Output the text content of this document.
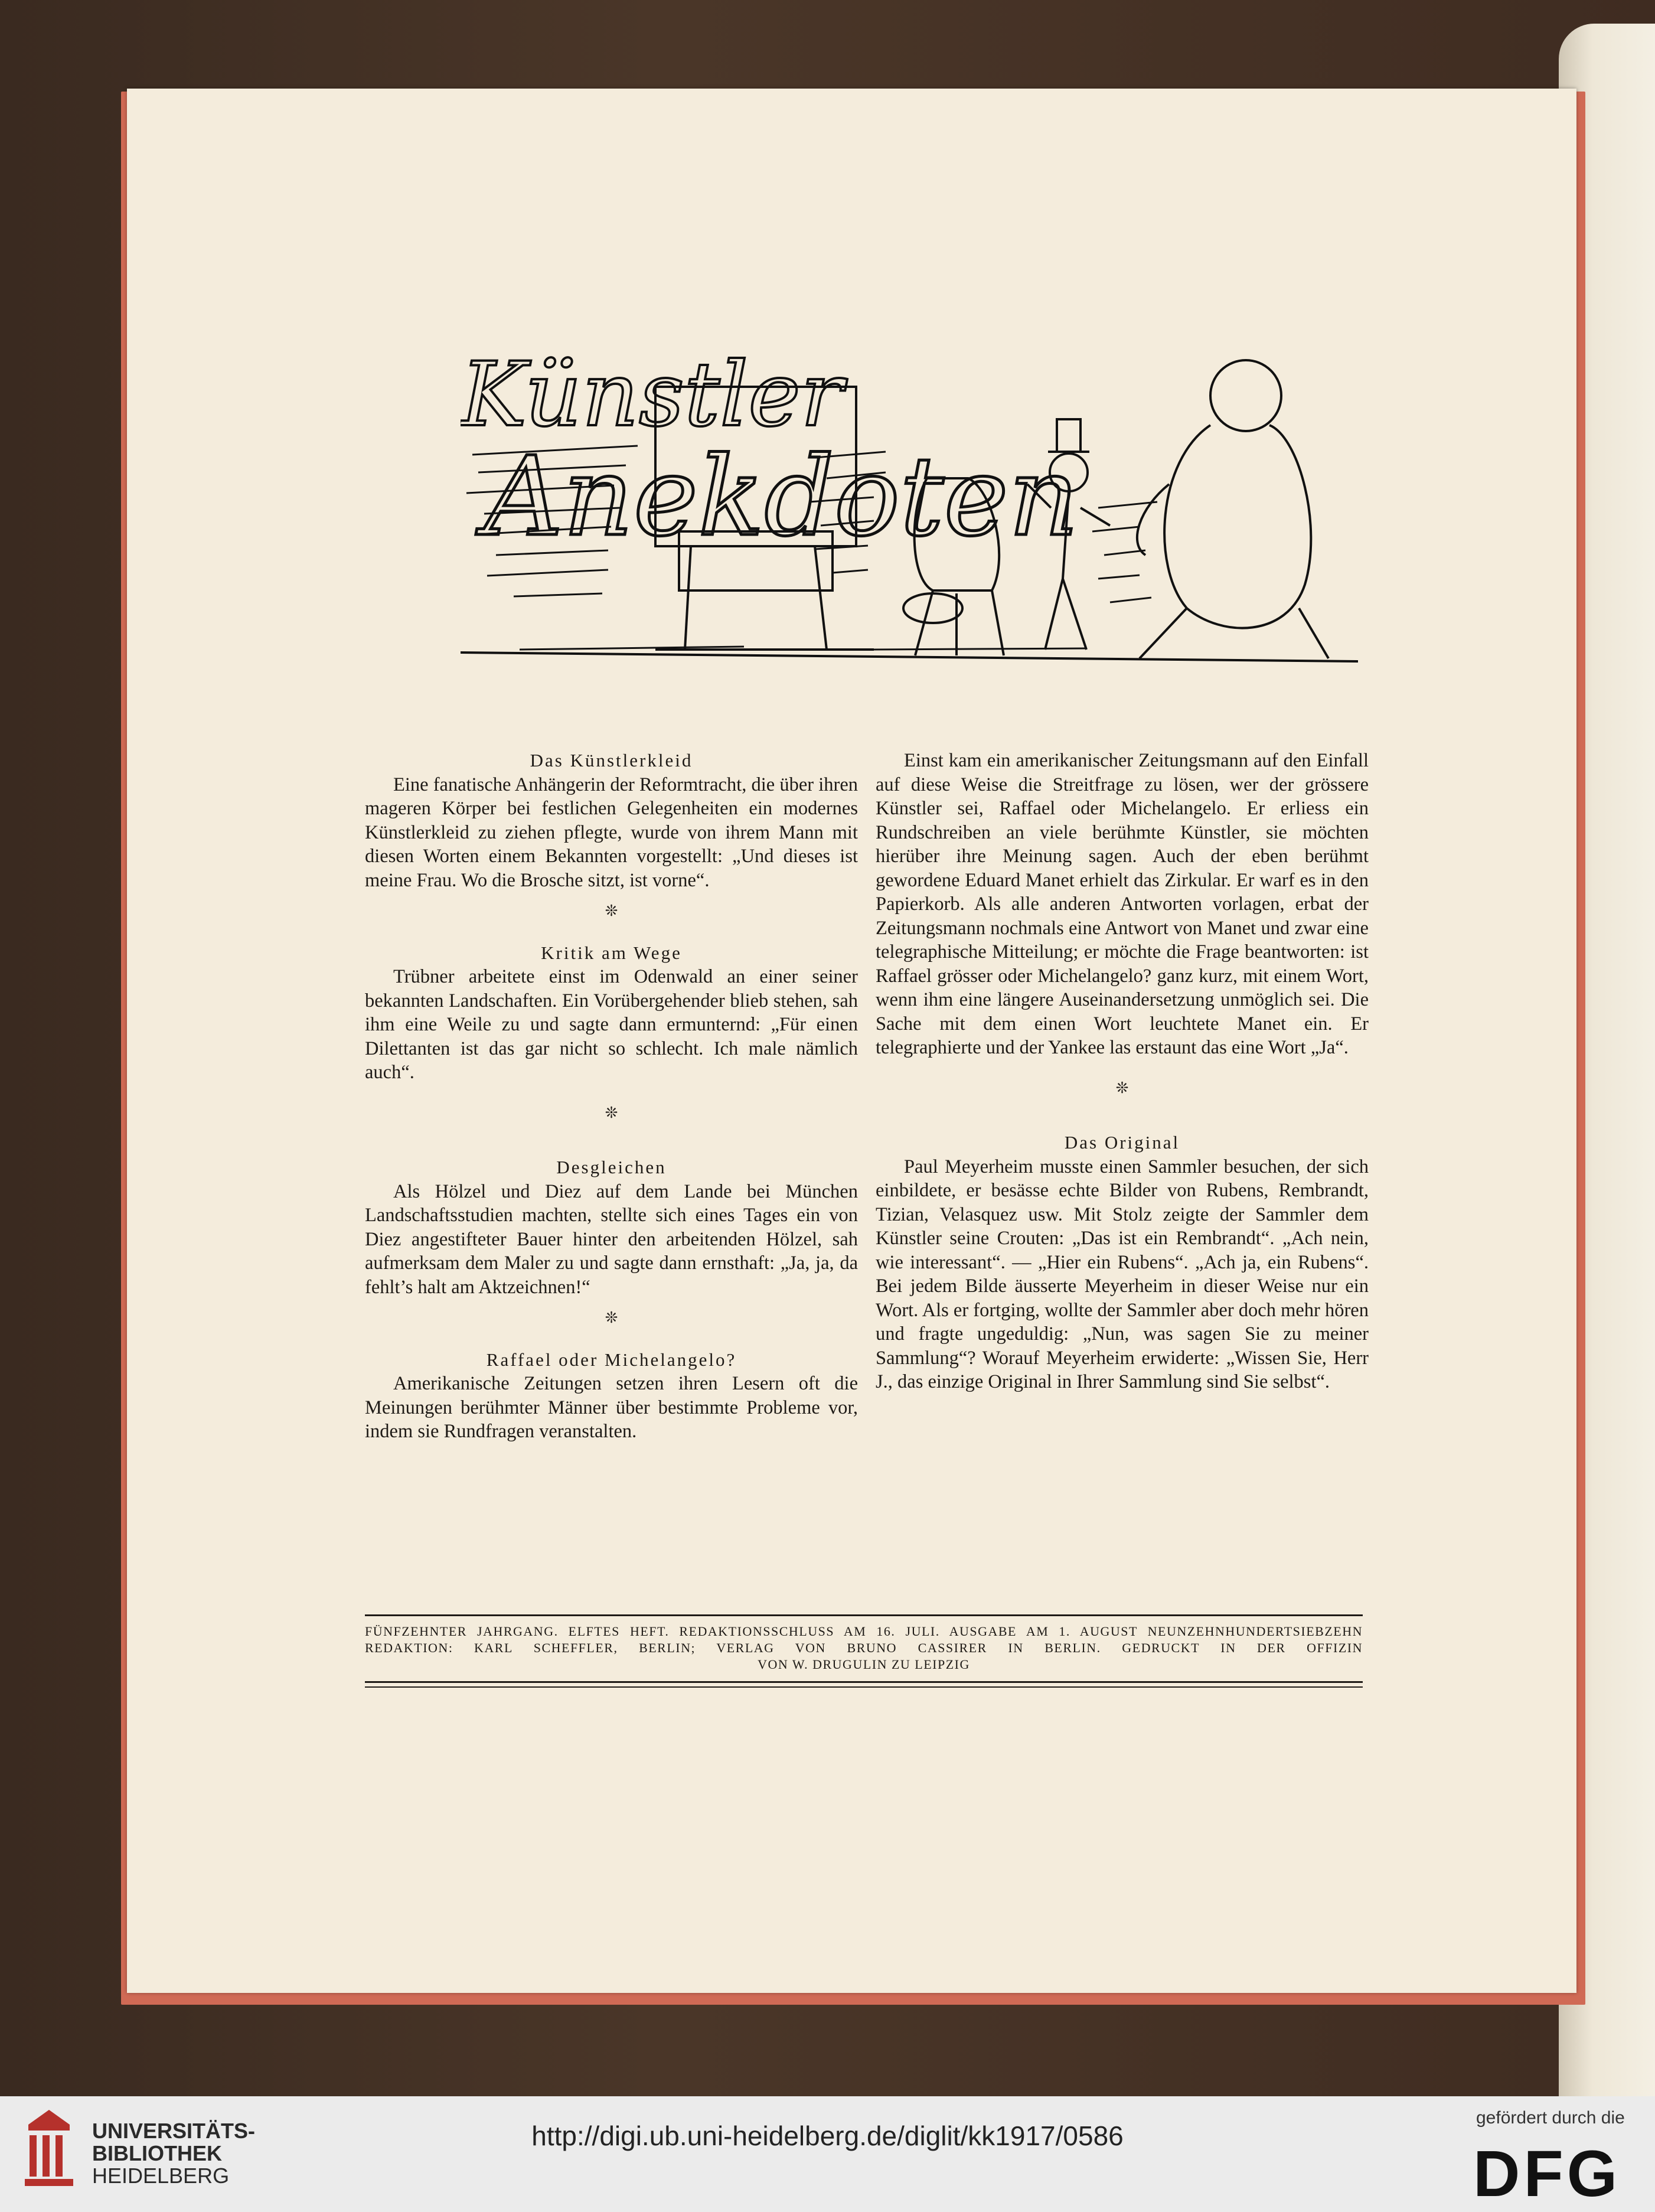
Künstler
Anekdoten

Das Künstlerkleid

Eine fanatische Anhängerin der Reformtracht, die über ihren mageren Körper bei festlichen Gelegenheiten ein modernes Künstlerkleid zu ziehen pflegte, wurde von ihrem Mann mit diesen Worten einem Bekannten vorgestellt: „Und dieses ist meine Frau. Wo die Brosche sitzt, ist vorne“.

❊

Kritik am Wege

Trübner arbeitete einst im Odenwald an einer seiner bekannten Landschaften. Ein Vorübergehender blieb stehen, sah ihm eine Weile zu und sagte dann ermunternd: „Für einen Dilettanten ist das gar nicht so schlecht. Ich male nämlich auch“.

❊

Desgleichen

Als Hölzel und Diez auf dem Lande bei München Landschaftsstudien machten, stellte sich eines Tages ein von Diez angestifteter Bauer hinter den arbeitenden Hölzel, sah aufmerksam dem Maler zu und sagte dann ernsthaft: „Ja, ja, da fehlt’s halt am Aktzeichnen!“

❊

Raffael oder Michelangelo?

Amerikanische Zeitungen setzen ihren Lesern oft die Meinungen berühmter Männer über bestimmte Probleme vor, indem sie Rundfragen veranstalten.

Einst kam ein amerikanischer Zeitungsmann auf den Einfall auf diese Weise die Streitfrage zu lösen, wer der grössere Künstler sei, Raffael oder Michelangelo. Er erliess ein Rundschreiben an viele berühmte Künstler, sie möchten hierüber ihre Meinung sagen. Auch der eben berühmt gewordene Eduard Manet erhielt das Zirkular. Er warf es in den Papierkorb. Als alle anderen Antworten vorlagen, erbat der Zeitungsmann nochmals eine Antwort von Manet und zwar eine telegraphische Mitteilung; er möchte die Frage beantworten: ist Raffael grösser oder Michelangelo? ganz kurz, mit einem Wort, wenn ihm eine längere Auseinandersetzung unmöglich sei. Die Sache mit dem einen Wort leuchtete Manet ein. Er telegraphierte und der Yankee las erstaunt das eine Wort „Ja“.

❊

Das Original

Paul Meyerheim musste einen Sammler besuchen, der sich einbildete, er besässe echte Bilder von Rubens, Rembrandt, Tizian, Velasquez usw. Mit Stolz zeigte der Sammler dem Künstler seine Crouten: „Das ist ein Rembrandt“. „Ach nein, wie interessant“. — „Hier ein Rubens“. „Ach ja, ein Rubens“. Bei jedem Bilde äusserte Meyerheim in dieser Weise nur ein Wort. Als er fortging, wollte der Sammler aber doch mehr hören und fragte ungeduldig: „Nun, was sagen Sie zu meiner Sammlung“? Worauf Meyerheim erwiderte: „Wissen Sie, Herr J., das einzige Original in Ihrer Sammlung sind Sie selbst“.

FÜNFZEHNTER JAHRGANG. ELFTES HEFT. REDAKTIONSSCHLUSS AM 16. JULI. AUSGABE AM 1. AUGUST NEUNZEHNHUNDERTSIEBZEHN
REDAKTION: KARL SCHEFFLER, BERLIN; VERLAG VON BRUNO CASSIRER IN BERLIN. GEDRUCKT IN DER OFFIZIN
VON W. DRUGULIN ZU LEIPZIG
UNIVERSITÄTS-
BIBLIOTHEK
HEIDELBERG
http://digi.ub.uni-heidelberg.de/diglit/kk1917/0586
gefördert durch die
DFG
